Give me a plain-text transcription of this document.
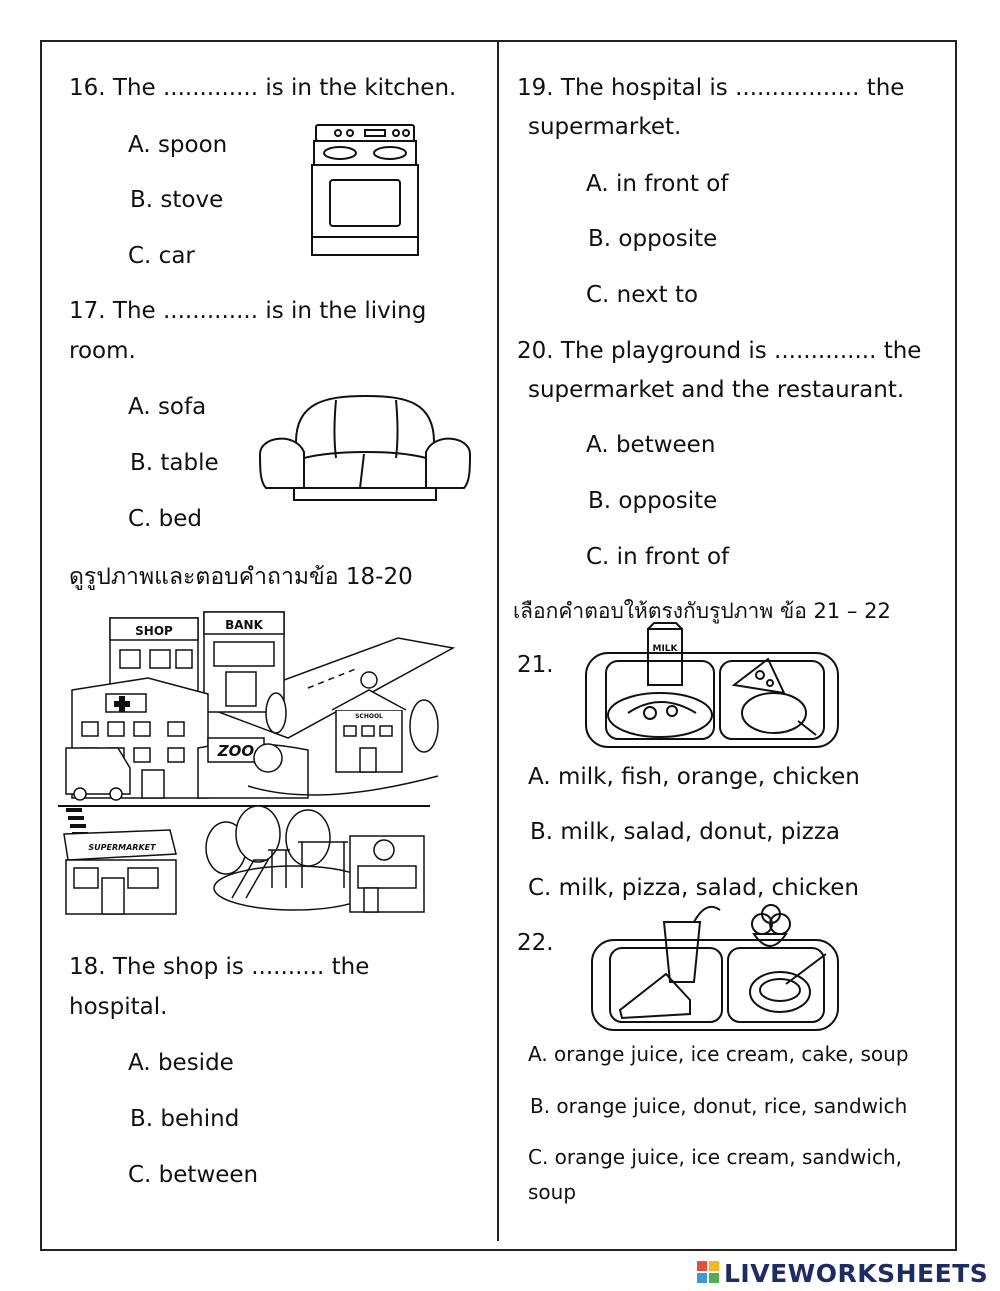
16. The ............. is in the kitchen.
A. spoon
B. stove
C. car
17. The ............. is in the living
room.
A. sofa
B. table
C. bed
ดูรูปภาพและตอบคำถามข้อ 18-20
SHOP	BANK
ZOO
SCHOOL
SUPERMARKET
18. The shop is .......... the
hospital.
A. beside
B. behind
C. between
19. The hospital is ................. the
supermarket.
A. in front of
B. opposite
C. next to
20. The playground is .............. the
supermarket and the restaurant.
A. between
B. opposite
C. in front of
เลือกคำตอบให้ตรงกับรูปภาพ ข้อ 21 – 22
21.
MILK
A. milk, fish, orange, chicken
B. milk, salad, donut, pizza
C. milk, pizza, salad, chicken
22.
A. orange juice, ice cream, cake, soup
B. orange juice, donut, rice, sandwich
C. orange juice, ice cream, sandwich,
soup
LIVEWORKSHEETS
